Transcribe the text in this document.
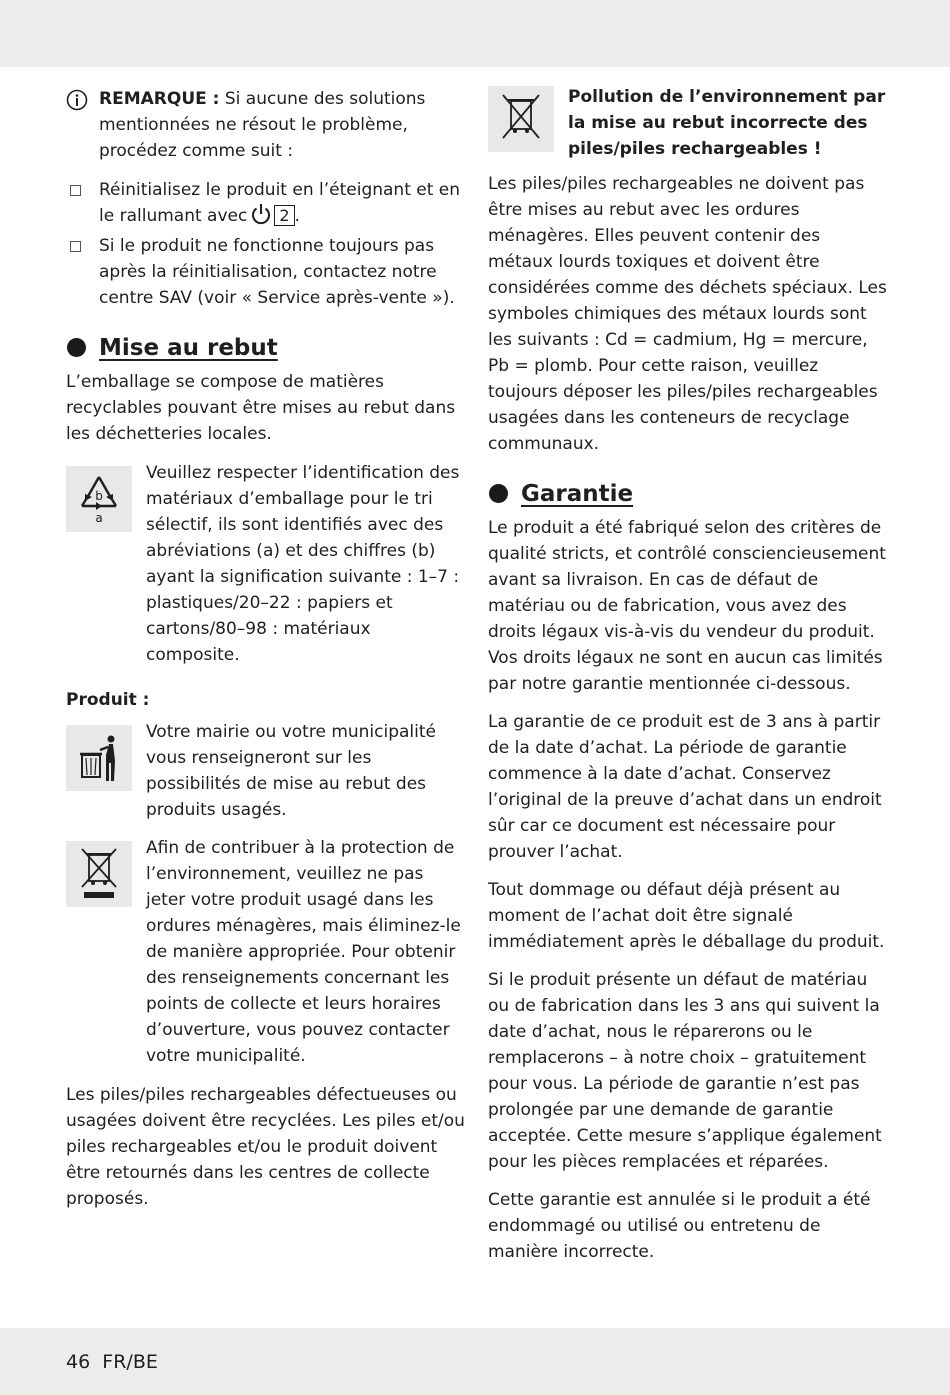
REMARQUE : Si aucune des solutions mentionnées ne résout le problème, procédez comme suit :

Réinitialisez le produit en l’éteignant et en le rallumant avec 2 .

Si le produit ne fonctionne toujours pas après la réinitialisation, contactez notre centre SAV (voir « Service après-vente »).

Mise au rebut

L’emballage se compose de matières recyclables pouvant être mises au rebut dans les déchetteries locales.

b
a

Veuillez respecter l’identification des matériaux d’emballage pour le tri sélectif, ils sont identifiés avec des abréviations (a) et des chiffres (b) ayant la signification suivante : 1–7 : plastiques/20–22 : papiers et cartons/80–98 : matériaux composite.

Produit :

Votre mairie ou votre municipalité vous renseigneront sur les possibilités de mise au rebut des produits usagés.

Afin de contribuer à la protection de l’environnement, veuillez ne pas jeter votre produit usagé dans les ordures ménagères, mais éliminez-le de manière appropriée. Pour obtenir des renseignements concernant les points de collecte et leurs horaires d’ouverture, vous pouvez contacter votre municipalité.

Les piles/piles rechargeables défectueuses ou usagées doivent être recyclées. Les piles et/ou piles rechargeables et/ou le produit doivent être retournés dans les centres de collecte proposés.

Pollution de l’environnement par la mise au rebut incorrecte des piles/piles rechargeables !

Les piles/piles rechargeables ne doivent pas être mises au rebut avec les ordures ménagères. Elles peuvent contenir des métaux lourds toxiques et doivent être considérées comme des déchets spéciaux. Les symboles chimiques des métaux lourds sont les suivants : Cd = cadmium, Hg = mercure, Pb = plomb. Pour cette raison, veuillez toujours déposer les piles/piles rechargeables usagées dans les conteneurs de recyclage communaux.

Garantie

Le produit a été fabriqué selon des critères de qualité stricts, et contrôlé consciencieusement avant sa livraison. En cas de défaut de matériau ou de fabrication, vous avez des droits légaux vis-à-vis du vendeur du produit. Vos droits légaux ne sont en aucun cas limités par notre garantie mentionnée ci-dessous.

La garantie de ce produit est de 3 ans à partir de la date d’achat. La période de garantie commence à la date d’achat. Conservez l’original de la preuve d’achat dans un endroit sûr car ce document est nécessaire pour prouver l’achat.

Tout dommage ou défaut déjà présent au moment de l’achat doit être signalé immédiatement après le déballage du produit.

Si le produit présente un défaut de matériau ou de fabrication dans les 3 ans qui suivent la date d’achat, nous le réparerons ou le remplacerons – à notre choix – gratuitement pour vous. La période de garantie n’est pas prolongée par une demande de garantie acceptée. Cette mesure s’applique également pour les pièces remplacées et réparées.

Cette garantie est annulée si le produit a été endommagé ou utilisé ou entretenu de manière incorrecte.

46 FR/BE
